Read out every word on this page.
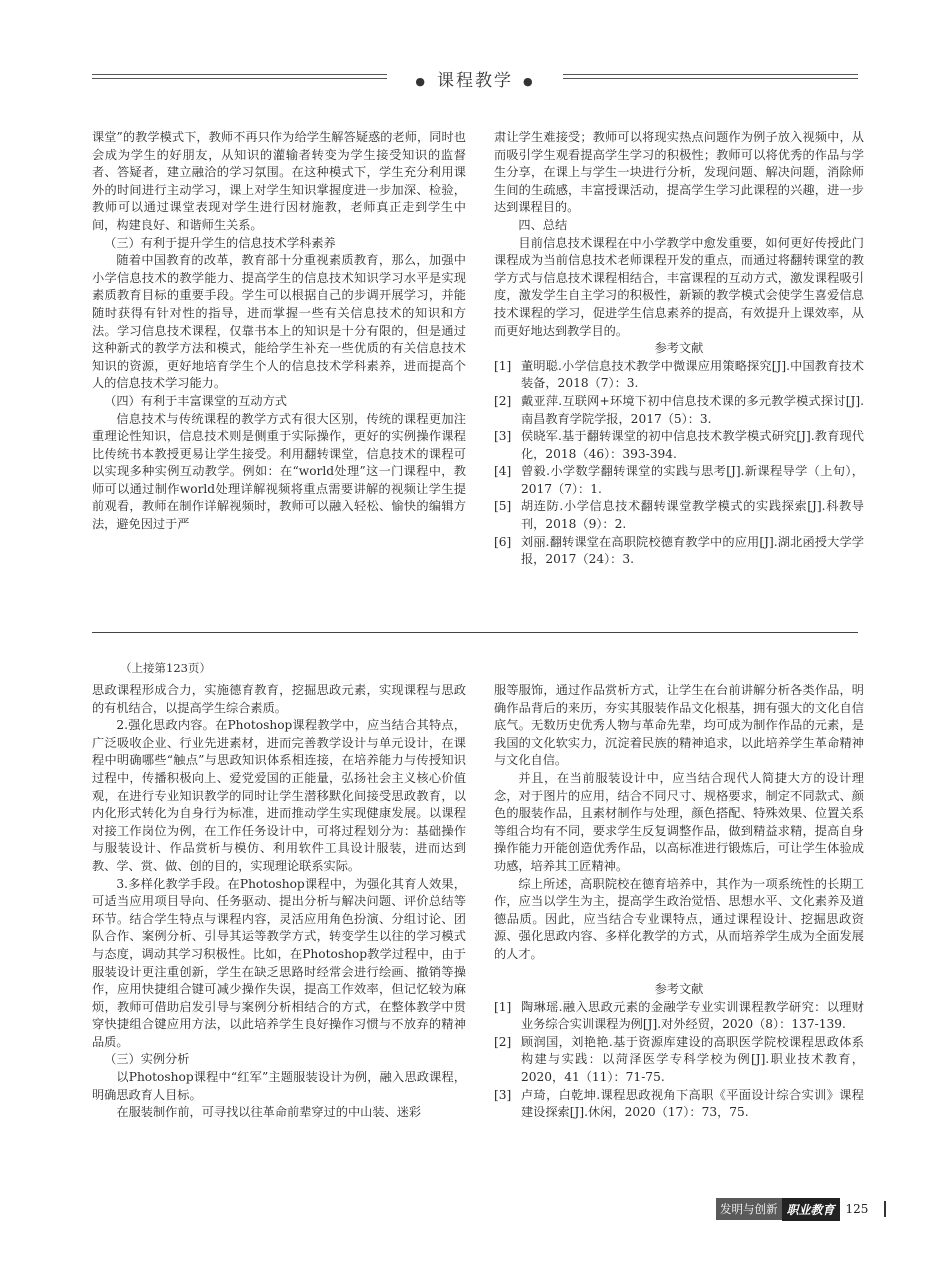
● 课程教学 ●

课堂”的教学模式下，教师不再只作为给学生解答疑惑的老师，同时也会成为学生的好朋友，从知识的灌输者转变为学生接受知识的监督者、答疑者，建立融洽的学习氛围。在这种模式下，学生充分利用课外的时间进行主动学习，课上对学生知识掌握度进一步加深、检验，教师可以通过课堂表现对学生进行因材施教，老师真正走到学生中间，构建良好、和谐师生关系。

（三）有利于提升学生的信息技术学科素养

随着中国教育的改革，教育部十分重视素质教育，那么，加强中小学信息技术的教学能力、提高学生的信息技术知识学习水平是实现素质教育目标的重要手段。学生可以根据自己的步调开展学习，并能随时获得有针对性的指导，进而掌握一些有关信息技术的知识和方法。学习信息技术课程，仅靠书本上的知识是十分有限的，但是通过这种新式的教学方法和模式，能给学生补充一些优质的有关信息技术知识的资源，更好地培育学生个人的信息技术学科素养，进而提高个人的信息技术学习能力。

（四）有利于丰富课堂的互动方式

信息技术与传统课程的教学方式有很大区别，传统的课程更加注重理论性知识，信息技术则是侧重于实际操作，更好的实例操作课程比传统书本教授更易让学生接受。利用翻转课堂，信息技术的课程可以实现多种实例互动教学。例如：在“world处理”这一门课程中，教师可以通过制作world处理详解视频将重点需要讲解的视频让学生提前观看，教师在制作详解视频时，教师可以融入轻松、愉快的编辑方法，避免因过于严

肃让学生难接受；教师可以将现实热点问题作为例子放入视频中，从而吸引学生观看提高学生学习的积极性；教师可以将优秀的作品与学生分享，在课上与学生一块进行分析，发现问题、解决问题，消除师生间的生疏感，丰富授课活动，提高学生学习此课程的兴趣，进一步达到课程目的。

四、总结

目前信息技术课程在中小学教学中愈发重要，如何更好传授此门课程成为当前信息技术老师课程开发的重点，而通过将翻转课堂的教学方式与信息技术课程相结合，丰富课程的互动方式，激发课程吸引度，激发学生自主学习的积极性，新颖的教学模式会使学生喜爱信息技术课程的学习，促进学生信息素养的提高，有效提升上课效率，从而更好地达到教学目的。

参考文献

[1] 董明聪.小学信息技术教学中微课应用策略探究[J].中国教育技术装备，2018（7）：3.

[2] 戴亚萍.互联网+环境下初中信息技术课的多元教学模式探讨[J].南昌教育学院学报，2017（5）：3.

[3] 侯晓军.基于翻转课堂的初中信息技术教学模式研究[J].教育现代化，2018（46）：393-394.

[4] 曾毅.小学数学翻转课堂的实践与思考[J].新课程导学（上旬），2017（7）：1.

[5] 胡连防.小学信息技术翻转课堂教学模式的实践探索[J].科教导刊，2018（9）：2.

[6] 刘丽.翻转课堂在高职院校德育教学中的应用[J].湖北函授大学学报，2017（24）：3.

（上接第123页）

思政课程形成合力，实施德育教育，挖掘思政元素，实现课程与思政的有机结合，以提高学生综合素质。

2.强化思政内容。在Photoshop课程教学中，应当结合其特点，广泛吸收企业、行业先进素材，进而完善教学设计与单元设计，在课程中明确哪些“触点”与思政知识体系相连接，在培养能力与传授知识过程中，传播积极向上、爱党爱国的正能量，弘扬社会主义核心价值观，在进行专业知识教学的同时让学生潜移默化间接受思政教育，以内化形式转化为自身行为标准，进而推动学生实现健康发展。以课程对接工作岗位为例，在工作任务设计中，可将过程划分为：基础操作与服装设计、作品赏析与模仿、利用软件工具设计服装，进而达到教、学、赏、做、创的目的，实现理论联系实际。

3.多样化教学手段。在Photoshop课程中，为强化其育人效果，可适当应用项目导向、任务驱动、提出分析与解决问题、评价总结等环节。结合学生特点与课程内容，灵活应用角色扮演、分组讨论、团队合作、案例分析、引导其运等教学方式，转变学生以往的学习模式与态度，调动其学习积极性。比如，在Photoshop教学过程中，由于服装设计更注重创新，学生在缺乏思路时经常会进行绘画、撤销等操作，应用快捷组合键可减少操作失误，提高工作效率，但记忆较为麻烦，教师可借助启发引导与案例分析相结合的方式，在整体教学中贯穿快捷组合键应用方法，以此培养学生良好操作习惯与不放弃的精神品质。

（三）实例分析

以Photoshop课程中“红军”主题服装设计为例，融入思政课程，明确思政育人目标。

在服装制作前，可寻找以往革命前辈穿过的中山装、迷彩

服等服饰，通过作品赏析方式，让学生在台前讲解分析各类作品，明确作品背后的来历，夯实其服装作品文化根基，拥有强大的文化自信底气。无数历史优秀人物与革命先辈，均可成为制作作品的元素，是我国的文化软实力，沉淀着民族的精神追求，以此培养学生革命精神与文化自信。

并且，在当前服装设计中，应当结合现代人简捷大方的设计理念，对于图片的应用，结合不同尺寸、规格要求，制定不同款式、颜色的服装作品，且素材制作与处理，颜色搭配、特殊效果、位置关系等组合均有不同，要求学生反复调整作品，做到精益求精，提高自身操作能力开能创造优秀作品，以高标准进行锻炼后，可让学生体验成功感，培养其工匠精神。

综上所述，高职院校在德育培养中，其作为一项系统性的长期工作，应当以学生为主，提高学生政治觉悟、思想水平、文化素养及道德品质。因此，应当结合专业课特点，通过课程设计、挖掘思政资源、强化思政内容、多样化教学的方式，从而培养学生成为全面发展的人才。

参考文献

[1] 陶琳瑶.融入思政元素的金融学专业实训课程教学研究：以理财业务综合实训课程为例[J].对外经贸，2020（8）：137-139.

[2] 顾润国，刘艳艳.基于资源库建设的高职医学院校课程思政体系构建与实践：以菏泽医学专科学校为例[J].职业技术教育，2020，41（11）：71-75.

[3] 卢琦，白乾坤.课程思政视角下高职《平面设计综合实训》课程建设探索[J].休闲，2020（17）：73，75.

发明与创新 职业教育 125
